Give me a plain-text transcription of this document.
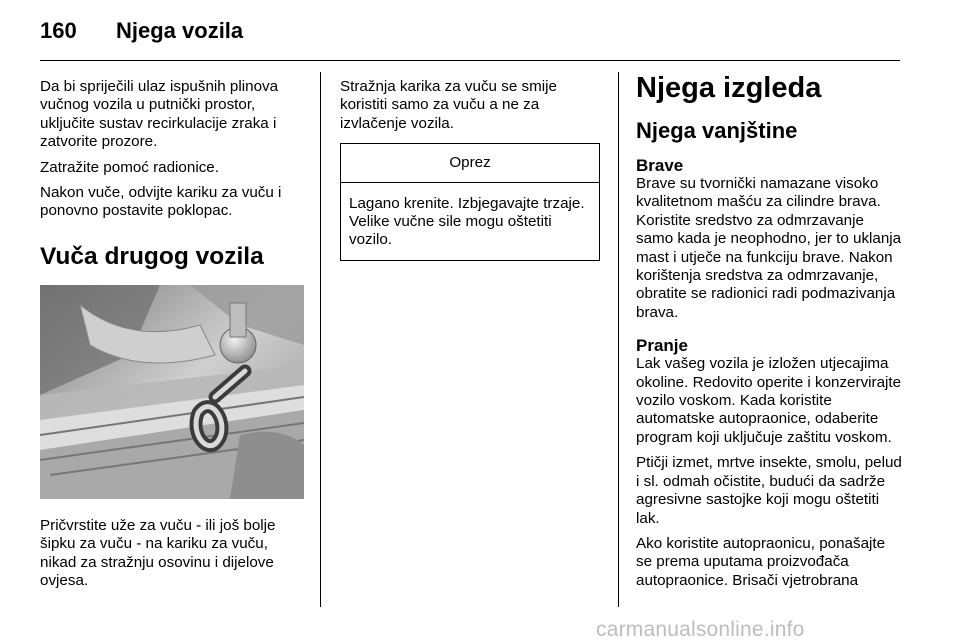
160	Njega vozila

Da bi spriječili ulaz ispušnih plinova vučnog vozila u putnički prostor, uključite sustav recirkulacije zraka i zatvorite prozore.

Zatražite pomoć radionice.

Nakon vuče, odvijte kariku za vuču i ponovno postavite poklopac.

Vuča drugog vozila

Pričvrstite uže za vuču - ili još bolje šipku za vuču - na kariku za vuču, nikad za stražnju osovinu i dijelove ovjesa.

Stražnja karika za vuču se smije koristiti samo za vuču a ne za izvlačenje vozila.

Oprez
Lagano krenite. Izbjegavajte trzaje. Velike vučne sile mogu oštetiti vozilo.
Njega izgleda
Njega vanjštine
Brave

Brave su tvornički namazane visoko kvalitetnom mašću za cilindre brava. Koristite sredstvo za odmrzavanje samo kada je neophodno, jer to uklanja mast i utječe na funkciju brave. Nakon korištenja sredstva za odmrzavanje, obratite se radionici radi podmazivanja brava.

Pranje

Lak vašeg vozila je izložen utjecajima okoline. Redovito operite i konzervirajte vozilo voskom. Kada koristite automatske autopraonice, odaberite program koji uključuje zaštitu voskom.

Ptičji izmet, mrtve insekte, smolu, pelud i sl. odmah očistite, budući da sadrže agresivne sastojke koji mogu oštetiti lak.

Ako koristite autopraonicu, ponašajte se prema uputama proizvođača autopraonice. Brisači vjetrobrana

carmanualsonline.info
